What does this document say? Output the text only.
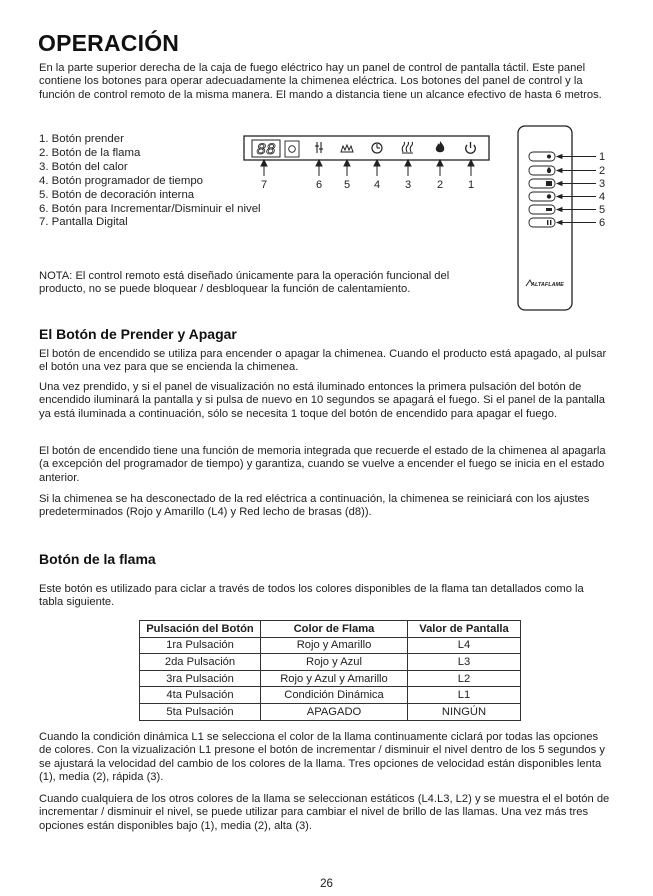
OPERACIÓN

En la parte superior derecha de la caja de fuego eléctrico hay un panel de control de pantalla táctil. Este panel contiene los botones para operar adecuadamente la chimenea eléctrica. Los botones del panel de control y la función de control remoto de la misma manera. El mando a distancia tiene un alcance efectivo de hasta 6 metros.

1. Botón prender
2. Botón de la flama
3. Botón del calor
4. Botón programador de tiempo
5. Botón de decoración interna
6. Botón para Incrementar/Disminuir el nivel
7. Pantalla Digital
88
7	6 5 4 3 2 1
1
2
3
4
5
6
ALTAFLAME

NOTA: El control remoto está diseñado únicamente para la operación funcional del producto, no se puede bloquear / desbloquear la función de calentamiento.

El Botón de Prender y Apagar

El botón de encendido se utiliza para encender o apagar la chimenea. Cuando el producto está apagado, al pulsar el botón una vez para que se encienda la chimenea.

Una vez prendido, y si el panel de visualización no está iluminado entonces la primera pulsación del botón de encendido iluminará la pantalla y si pulsa de nuevo en 10 segundos se apagará el fuego. Si el panel de la pantalla ya está iluminada a continuación, sólo se necesita 1 toque del botón de encendido para apagar el fuego.

El botón de encendido tiene una función de memoria integrada que recuerde el estado de la chimenea al apagarla (a excepción del programador de tiempo) y garantiza, cuando se vuelve a encender el fuego se inicia en el estado anterior.

Si la chimenea se ha desconectado de la red eléctrica a continuación, la chimenea se reiniciará con los ajustes predeterminados (Rojo y Amarillo (L4) y Red lecho de brasas (d8)).

Botón de la flama

Este botón es utilizado para ciclar a través de todos los colores disponibles de la flama tan detallados como la tabla siguiente.

Pulsación del Botón	Color de Flama	Valor de Pantalla
1ra Pulsación	Rojo y Amarillo	L4
2da Pulsación	Rojo y Azul	L3
3ra Pulsación	Rojo y Azul y Amarillo	L2
4ta Pulsación	Condición Dinámica	L1
5ta Pulsación	APAGADO	NINGÚN

Cuando la condición dinámica L1 se selecciona el color de la llama continuamente ciclará por todas las opciones de colores. Con la vizualización L1 presone el botón de incrementar / disminuir el nivel dentro de los 5 segundos y se ajustará la velocidad del cambio de los colores de la llama. Tres opciones de velocidad están disponibles lenta (1), media (2), rápida (3).

Cuando cualquiera de los otros colores de la llama se seleccionan estáticos (L4.L3, L2) y se muestra el el botón de incrementar / disminuir el nivel, se puede utilizar para cambiar el nivel de brillo de las llamas. Una vez más tres opciones están disponibles bajo (1), media (2), alta (3).

26
